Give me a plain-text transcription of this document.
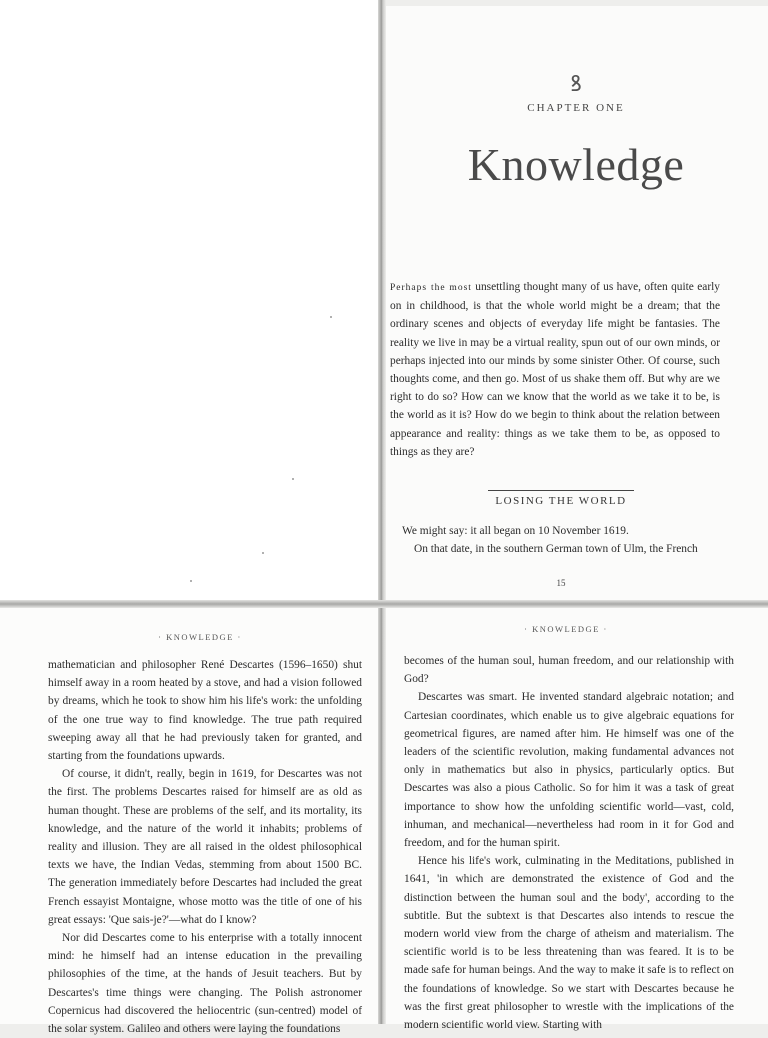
ꝸ
CHAPTER ONE
Knowledge

Perhaps the most unsettling thought many of us have, often quite early on in childhood, is that the whole world might be a dream; that the ordinary scenes and objects of everyday life might be fantasies. The reality we live in may be a virtual reality, spun out of our own minds, or perhaps injected into our minds by some sinister Other. Of course, such thoughts come, and then go. Most of us shake them off. But why are we right to do so? How can we know that the world as we take it to be, is the world as it is? How do we begin to think about the relation between appearance and reality: things as we take them to be, as opposed to things as they are?

LOSING THE WORLD

We might say: it all began on 10 November 1619.

On that date, in the southern German town of Ulm, the French

15
· KNOWLEDGE ·

mathematician and philosopher René Descartes (1596–1650) shut himself away in a room heated by a stove, and had a vision followed by dreams, which he took to show him his life's work: the unfolding of the one true way to find knowledge. The true path required sweeping away all that he had previously taken for granted, and starting from the foundations upwards.

Of course, it didn't, really, begin in 1619, for Descartes was not the first. The problems Descartes raised for himself are as old as human thought. These are problems of the self, and its mortality, its knowledge, and the nature of the world it inhabits; problems of reality and illusion. They are all raised in the oldest philosophical texts we have, the Indian Vedas, stemming from about 1500 BC. The generation immediately before Descartes had included the great French essayist Montaigne, whose motto was the title of one of his great essays: 'Que sais-je?'—what do I know?

Nor did Descartes come to his enterprise with a totally innocent mind: he himself had an intense education in the prevailing philosophies of the time, at the hands of Jesuit teachers. But by Descartes's time things were changing. The Polish astronomer Copernicus had discovered the heliocentric (sun-centred) model of the solar system. Galileo and others were laying the foundations

· KNOWLEDGE ·

becomes of the human soul, human freedom, and our relationship with God?

Descartes was smart. He invented standard algebraic notation; and Cartesian coordinates, which enable us to give algebraic equations for geometrical figures, are named after him. He himself was one of the leaders of the scientific revolution, making fundamental advances not only in mathematics but also in physics, particularly optics. But Descartes was also a pious Catholic. So for him it was a task of great importance to show how the unfolding scientific world—vast, cold, inhuman, and mechanical—nevertheless had room in it for God and freedom, and for the human spirit.

Hence his life's work, culminating in the Meditations, published in 1641, 'in which are demonstrated the existence of God and the distinction between the human soul and the body', according to the subtitle. But the subtext is that Descartes also intends to rescue the modern world view from the charge of atheism and materialism. The scientific world is to be less threatening than was feared. It is to be made safe for human beings. And the way to make it safe is to reflect on the foundations of knowledge. So we start with Descartes because he was the first great philosopher to wrestle with the implications of the modern scientific world view. Starting with
